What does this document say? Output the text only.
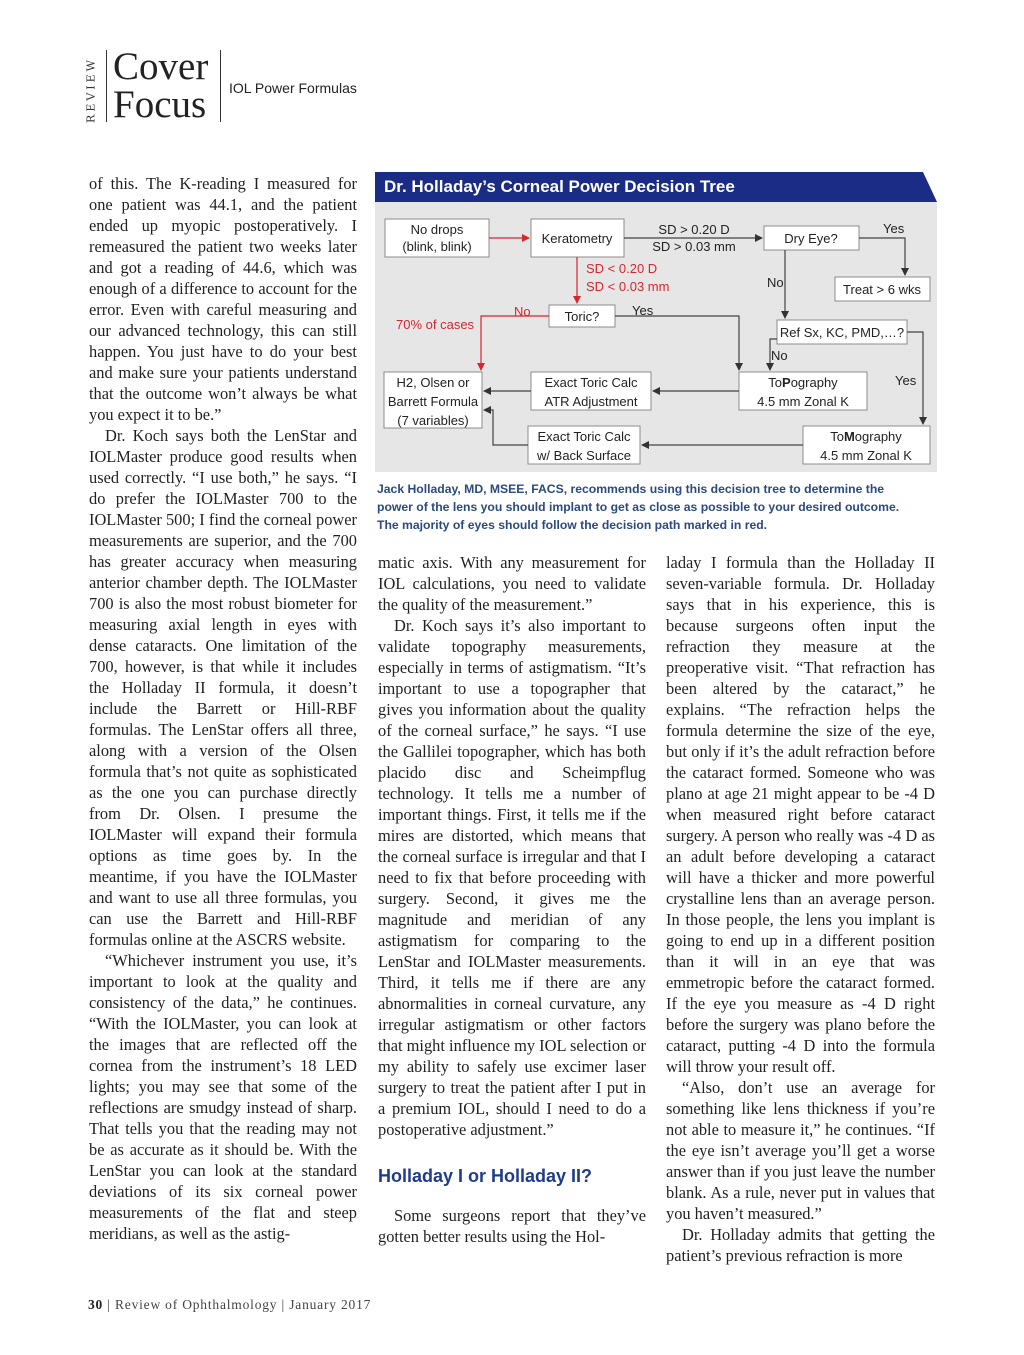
REVIEW Cover
Focus IOL Power Formulas

of this. The K-reading I measured for one patient was 44.1, and the patient ended up myopic postoperatively. I remeasured the patient two weeks later and got a reading of 44.6, which was enough of a difference to account for the error. Even with careful measuring and our advanced technology, this can still happen. You just have to do your best and make sure your patients understand that the outcome won’t always be what you expect it to be.”

Dr. Koch says both the LenStar and IOLMaster produce good results when used correctly. “I use both,” he says. “I do prefer the IOLMaster 700 to the IOLMaster 500; I find the corneal power measurements are superior, and the 700 has greater accuracy when measuring anterior chamber depth. The IOLMaster 700 is also the most robust biometer for measuring axial length in eyes with dense cataracts. One limitation of the 700, however, is that while it includes the Holladay II formula, it doesn’t include the Barrett or Hill-RBF formulas. The LenStar offers all three, along with a version of the Olsen formula that’s not quite as sophisticated as the one you can purchase directly from Dr. Olsen. I presume the IOLMaster will expand their formula options as time goes by. In the meantime, if you have the IOLMaster and want to use all three formulas, you can use the Barrett and Hill-RBF formulas online at the ASCRS website.

“Whichever instrument you use, it’s important to look at the quality and consistency of the data,” he continues. “With the IOLMaster, you can look at the images that are reflected off the cornea from the instrument’s 18 LED lights; you may see that some of the reflections are smudgy instead of sharp. That tells you that the reading may not be as accurate as it should be. With the LenStar you can look at the standard deviations of its six corneal power measurements of the flat and steep meridians, as well as the astig-

Dr. Holladay’s Corneal Power Decision Tree
No drops
(blink, blink)
Keratometry
SD > 0.20 D
SD > 0.03 mm
Dry Eye?
Yes
SD < 0.20 D
SD < 0.03 mm	No	Treat > 6 wks
No	Toric?	Yes
70% of cases
Ref Sx, KC, PMD,…?
No
H2, Olsen or
Barrett Formula
(7 variables)
Exact Toric Calc
ATR Adjustment
ToPography
4.5 mm Zonal K
Yes
Exact Toric Calc
w/ Back Surface
ToMography
4.5 mm Zonal K
Jack Holladay, MD, MSEE, FACS, recommends using this decision tree to determine the
power of the lens you should implant to get as close as possible to your desired outcome.
The majority of eyes should follow the decision path marked in red.

matic axis. With any measurement for IOL calculations, you need to validate the quality of the measurement.”

Dr. Koch says it’s also important to validate topography measurements, especially in terms of astigmatism. “It’s important to use a topographer that gives you information about the quality of the corneal surface,” he says. “I use the Gallilei topographer, which has both placido disc and Scheimpflug technology. It tells me a number of important things. First, it tells me if the mires are distorted, which means that the corneal surface is irregular and that I need to fix that before proceeding with surgery. Second, it gives me the magnitude and meridian of any astigmatism for comparing to the LenStar and IOLMaster measurements. Third, it tells me if there are any abnormalities in corneal curvature, any irregular astigmatism or other factors that might influence my IOL selection or my ability to safely use excimer laser surgery to treat the patient after I put in a premium IOL, should I need to do a postoperative adjustment.”

Holladay I or Holladay II?

Some surgeons report that they’ve gotten better results using the Hol-

laday I formula than the Holladay II seven-variable formula. Dr. Holladay says that in his experience, this is because surgeons often input the refraction they measure at the preoperative visit. “That refraction has been altered by the cataract,” he explains. “The refraction helps the formula determine the size of the eye, but only if it’s the adult refraction before the cataract formed. Someone who was plano at age 21 might appear to be -4 D when measured right before cataract surgery. A person who really was -4 D as an adult before developing a cataract will have a thicker and more powerful crystalline lens than an average person. In those people, the lens you implant is going to end up in a different position than it will in an eye that was emmetropic before the cataract formed. If the eye you measure as -4 D right before the surgery was plano before the cataract, putting -4 D into the formula will throw your result off.

“Also, don’t use an average for something like lens thickness if you’re not able to measure it,” he continues. “If the eye isn’t average you’ll get a worse answer than if you just leave the number blank. As a rule, never put in values that you haven’t measured.”

Dr. Holladay admits that getting the patient’s previous refraction is more

30 | Review of Ophthalmology | January 2017
